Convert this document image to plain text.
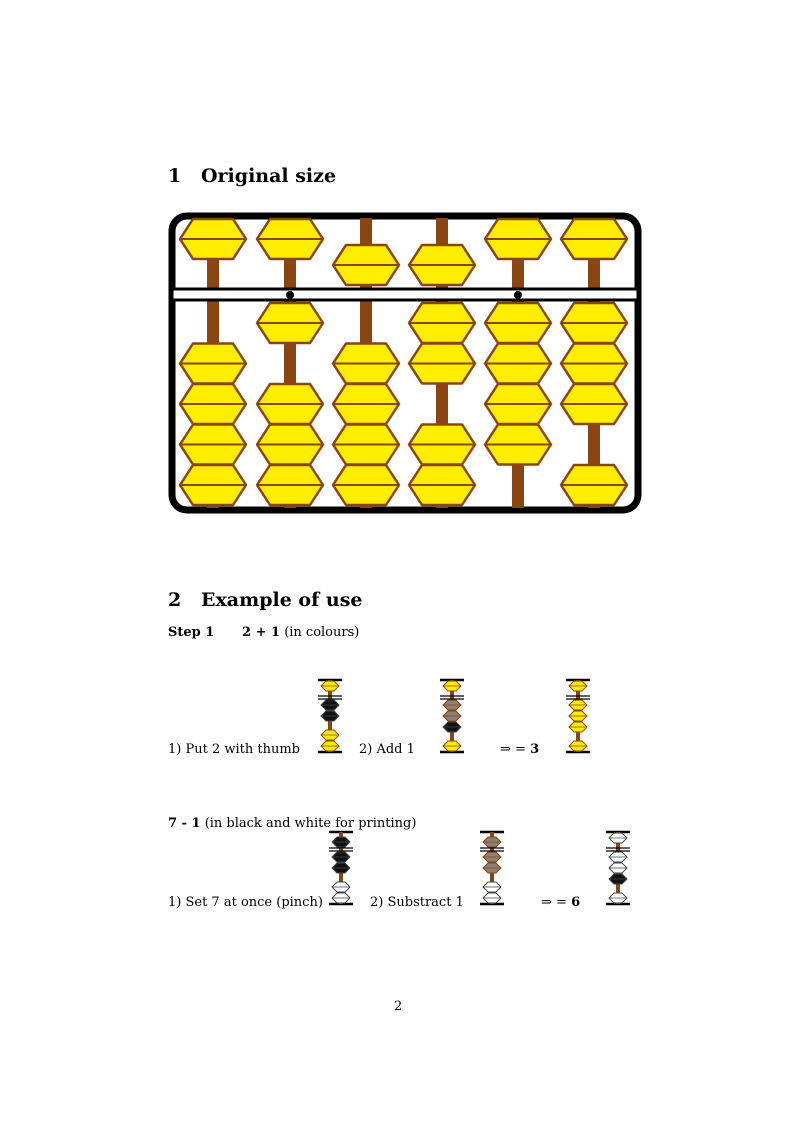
1 Original size
2 Example of use
Step 1 2 + 1 (in colours)
1) Put 2 with thumb	2) Add 1	⇒ = 3
7 - 1 (in black and white for printing)
1) Set 7 at once (pinch)	2) Substract 1	⇒ = 6
2
